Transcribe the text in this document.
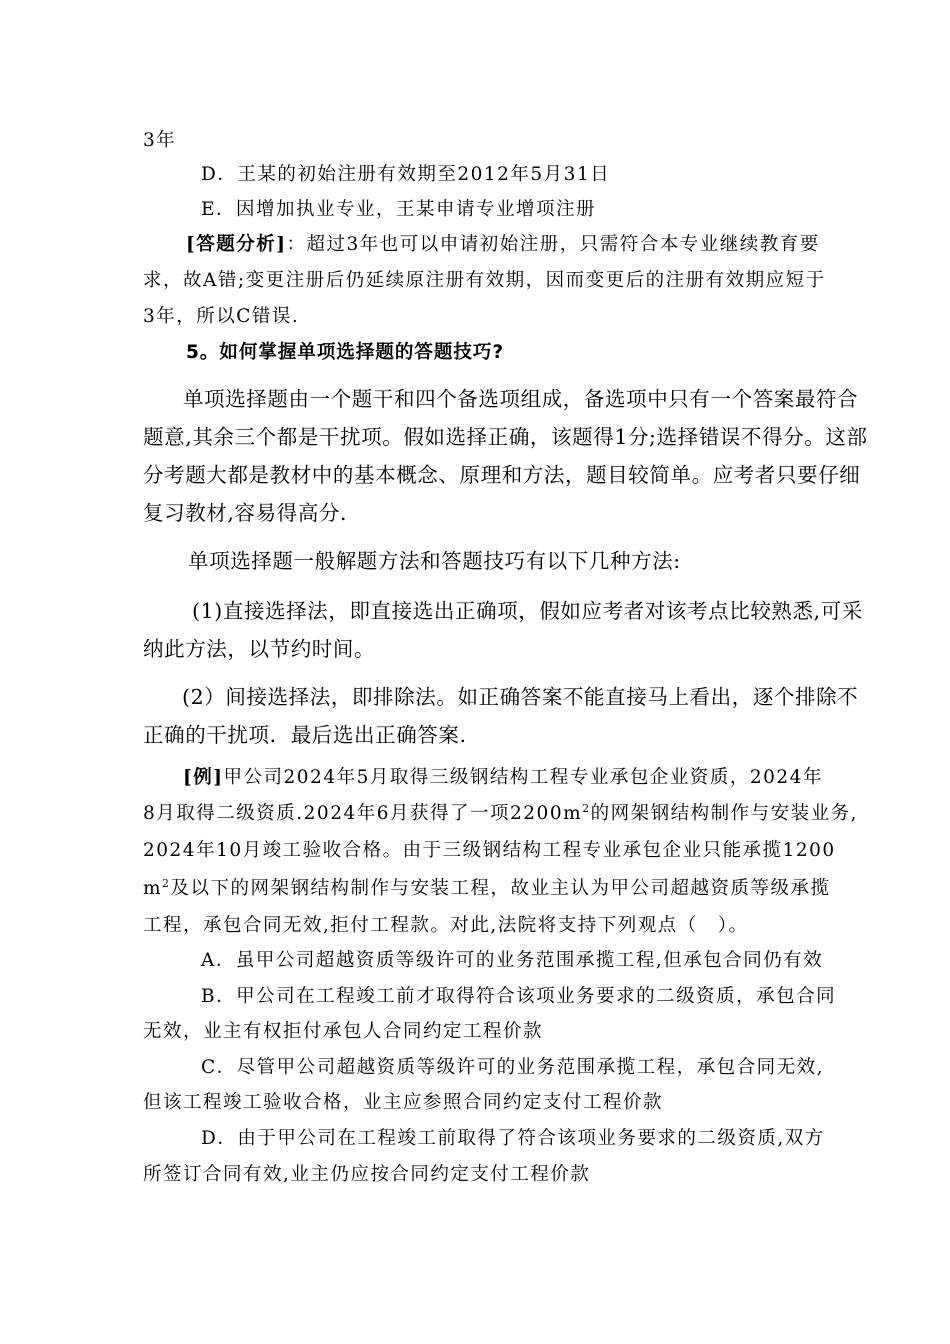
3年
D．王某的初始注册有效期至2012年5月31日
E．因增加执业专业，王某申请专业增项注册
[答题分析]：超过3年也可以申请初始注册，只需符合本专业继续教育要
求，故A错;变更注册后仍延续原注册有效期，因而变更后的注册有效期应短于
3年，所以C错误.
5。如何掌握单项选择题的答题技巧?
单项选择题由一个题干和四个备选项组成，备选项中只有一个答案最符合
题意,其余三个都是干扰项。假如选择正确，该题得1分;选择错误不得分。这部
分考题大都是教材中的基本概念、原理和方法，题目较简单。应考者只要仔细
复习教材,容易得高分.
单项选择题一般解题方法和答题技巧有以下几种方法:
(1)直接选择法，即直接选出正确项，假如应考者对该考点比较熟悉,可采
纳此方法，以节约时间。
(2）间接选择法，即排除法。如正确答案不能直接马上看出，逐个排除不
正确的干扰项．最后选出正确答案.
[例]甲公司2024年5月取得三级钢结构工程专业承包企业资质，2024年
8月取得二级资质.2024年6月获得了一项$2200m^2$的网架钢结构制作与安装业务,
2024年10月竣工验收合格。由于三级钢结构工程专业承包企业只能承揽1200
$m^2$及以下的网架钢结构制作与安装工程，故业主认为甲公司超越资质等级承揽
工程，承包合同无效,拒付工程款。对此,法院将支持下列观点（　）。
A．虽甲公司超越资质等级许可的业务范围承揽工程,但承包合同仍有效
B．甲公司在工程竣工前才取得符合该项业务要求的二级资质，承包合同
无效，业主有权拒付承包人合同约定工程价款
C．尽管甲公司超越资质等级许可的业务范围承揽工程，承包合同无效,
但该工程竣工验收合格，业主应参照合同约定支付工程价款
D．由于甲公司在工程竣工前取得了符合该项业务要求的二级资质,双方
所签订合同有效,业主仍应按合同约定支付工程价款
